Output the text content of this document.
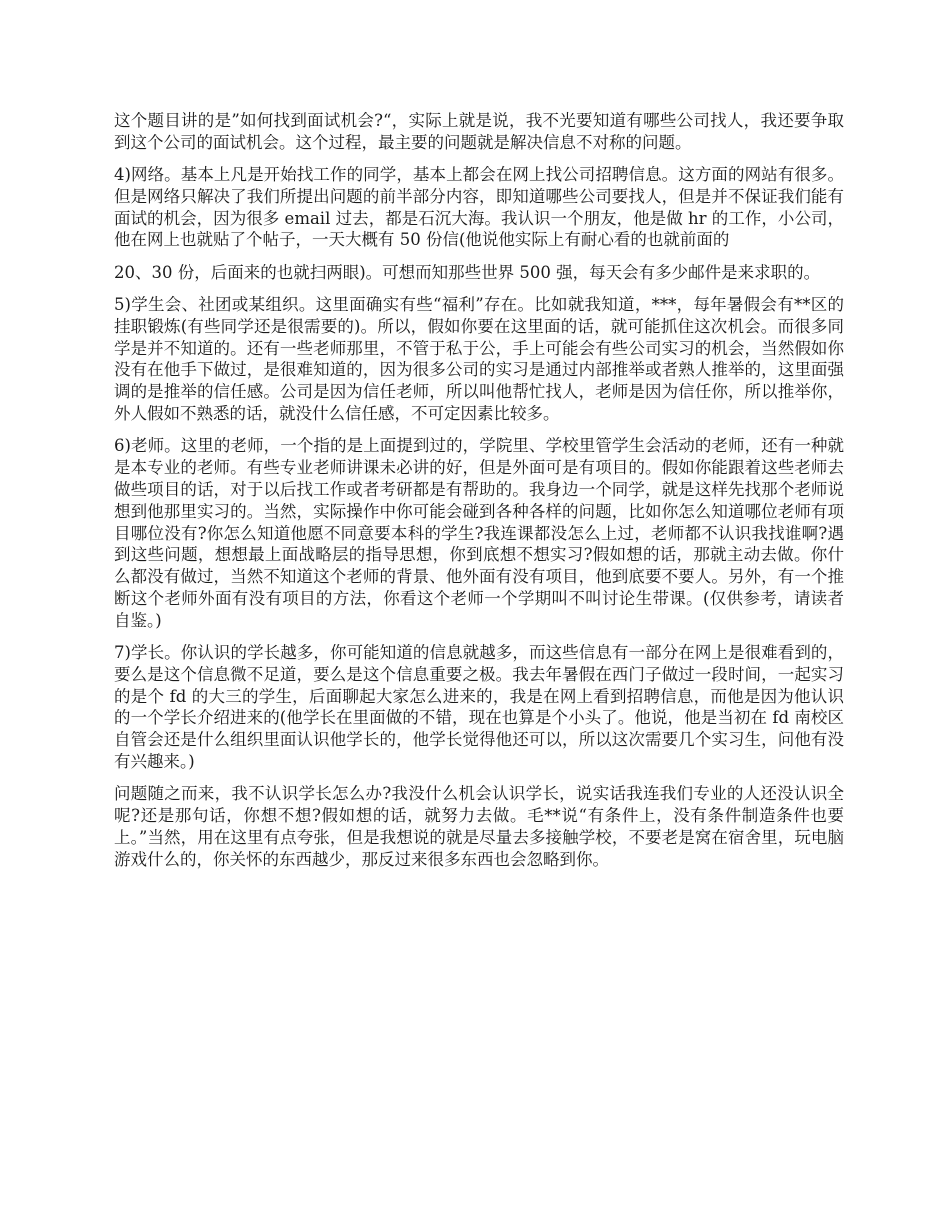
这个题目讲的是”如何找到面试机会?“，实际上就是说，我不光要知道有哪些公司找人，我还要争取到这个公司的面试机会。这个过程，最主要的问题就是解决信息不对称的问题。

4)网络。基本上凡是开始找工作的同学，基本上都会在网上找公司招聘信息。这方面的网站有很多。但是网络只解决了我们所提出问题的前半部分内容，即知道哪些公司要找人，但是并不保证我们能有面试的机会，因为很多 email 过去，都是石沉大海。我认识一个朋友，他是做 hr 的工作，小公司，他在网上也就贴了个帖子，一天大概有 50 份信(他说他实际上有耐心看的也就前面的

20、30 份，后面来的也就扫两眼)。可想而知那些世界 500 强，每天会有多少邮件是来求职的。

5)学生会、社团或某组织。这里面确实有些“福利”存在。比如就我知道，***，每年暑假会有**区的挂职锻炼(有些同学还是很需要的)。所以，假如你要在这里面的话，就可能抓住这次机会。而很多同学是并不知道的。还有一些老师那里，不管于私于公，手上可能会有些公司实习的机会，当然假如你没有在他手下做过，是很难知道的，因为很多公司的实习是通过内部推举或者熟人推举的，这里面强调的是推举的信任感。公司是因为信任老师，所以叫他帮忙找人，老师是因为信任你，所以推举你，外人假如不熟悉的话，就没什么信任感，不可定因素比较多。

6)老师。这里的老师，一个指的是上面提到过的，学院里、学校里管学生会活动的老师，还有一种就是本专业的老师。有些专业老师讲课未必讲的好，但是外面可是有项目的。假如你能跟着这些老师去做些项目的话，对于以后找工作或者考研都是有帮助的。我身边一个同学，就是这样先找那个老师说想到他那里实习的。当然，实际操作中你可能会碰到各种各样的问题，比如你怎么知道哪位老师有项目哪位没有?你怎么知道他愿不同意要本科的学生?我连课都没怎么上过，老师都不认识我找谁啊?遇到这些问题，想想最上面战略层的指导思想，你到底想不想实习?假如想的话，那就主动去做。你什么都没有做过，当然不知道这个老师的背景、他外面有没有项目，他到底要不要人。另外，有一个推断这个老师外面有没有项目的方法，你看这个老师一个学期叫不叫讨论生带课。(仅供参考，请读者自鉴。)

7)学长。你认识的学长越多，你可能知道的信息就越多，而这些信息有一部分在网上是很难看到的，要么是这个信息微不足道，要么是这个信息重要之极。我去年暑假在西门子做过一段时间，一起实习的是个 fd 的大三的学生，后面聊起大家怎么进来的，我是在网上看到招聘信息，而他是因为他认识的一个学长介绍进来的(他学长在里面做的不错，现在也算是个小头了。他说，他是当初在 fd 南校区自管会还是什么组织里面认识他学长的，他学长觉得他还可以，所以这次需要几个实习生，问他有没有兴趣来。)

问题随之而来，我不认识学长怎么办?我没什么机会认识学长，说实话我连我们专业的人还没认识全呢?还是那句话，你想不想?假如想的话，就努力去做。毛**说“有条件上，没有条件制造条件也要上。”当然，用在这里有点夸张，但是我想说的就是尽量去多接触学校，不要老是窝在宿舍里，玩电脑游戏什么的，你关怀的东西越少，那反过来很多东西也会忽略到你。
